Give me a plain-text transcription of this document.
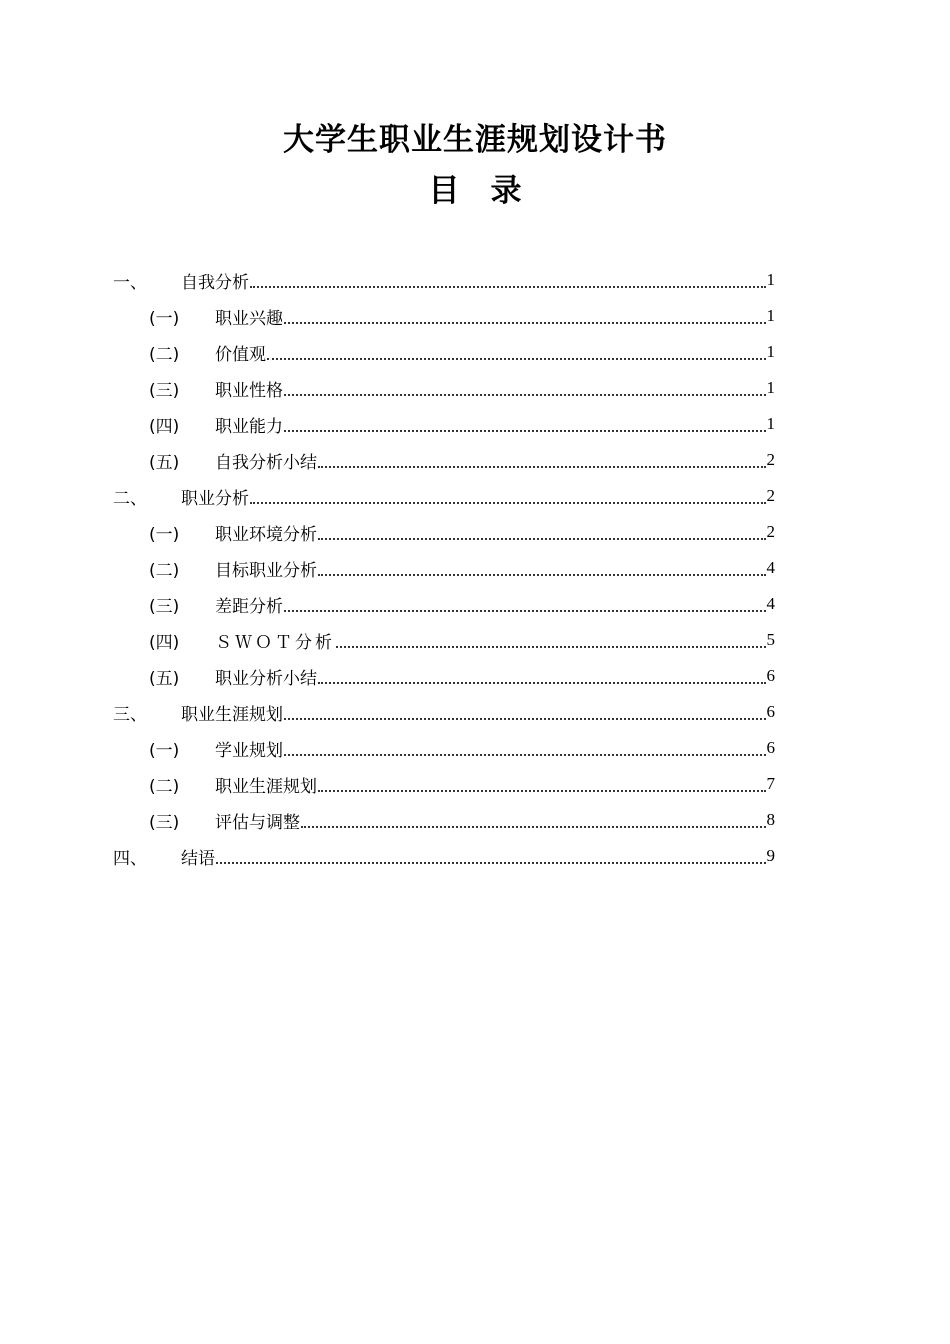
大学生职业生涯规划设计书
目　录
一、	自我分析	1
(一)	职业兴趣	1
(二)	价值观	1
(三)	职业性格	1
(四)	职业能力	1
(五)	自我分析小结	2
二、	职业分析	2
(一)	职业环境分析	2
(二)	目标职业分析	4
(三)	差距分析	4
(四)	ＳＷＯＴ分析	5
(五)	职业分析小结	6
三、	职业生涯规划	6
(一)	学业规划	6
(二)	职业生涯规划	7
(三)	评估与调整	8
四、	结语	9
